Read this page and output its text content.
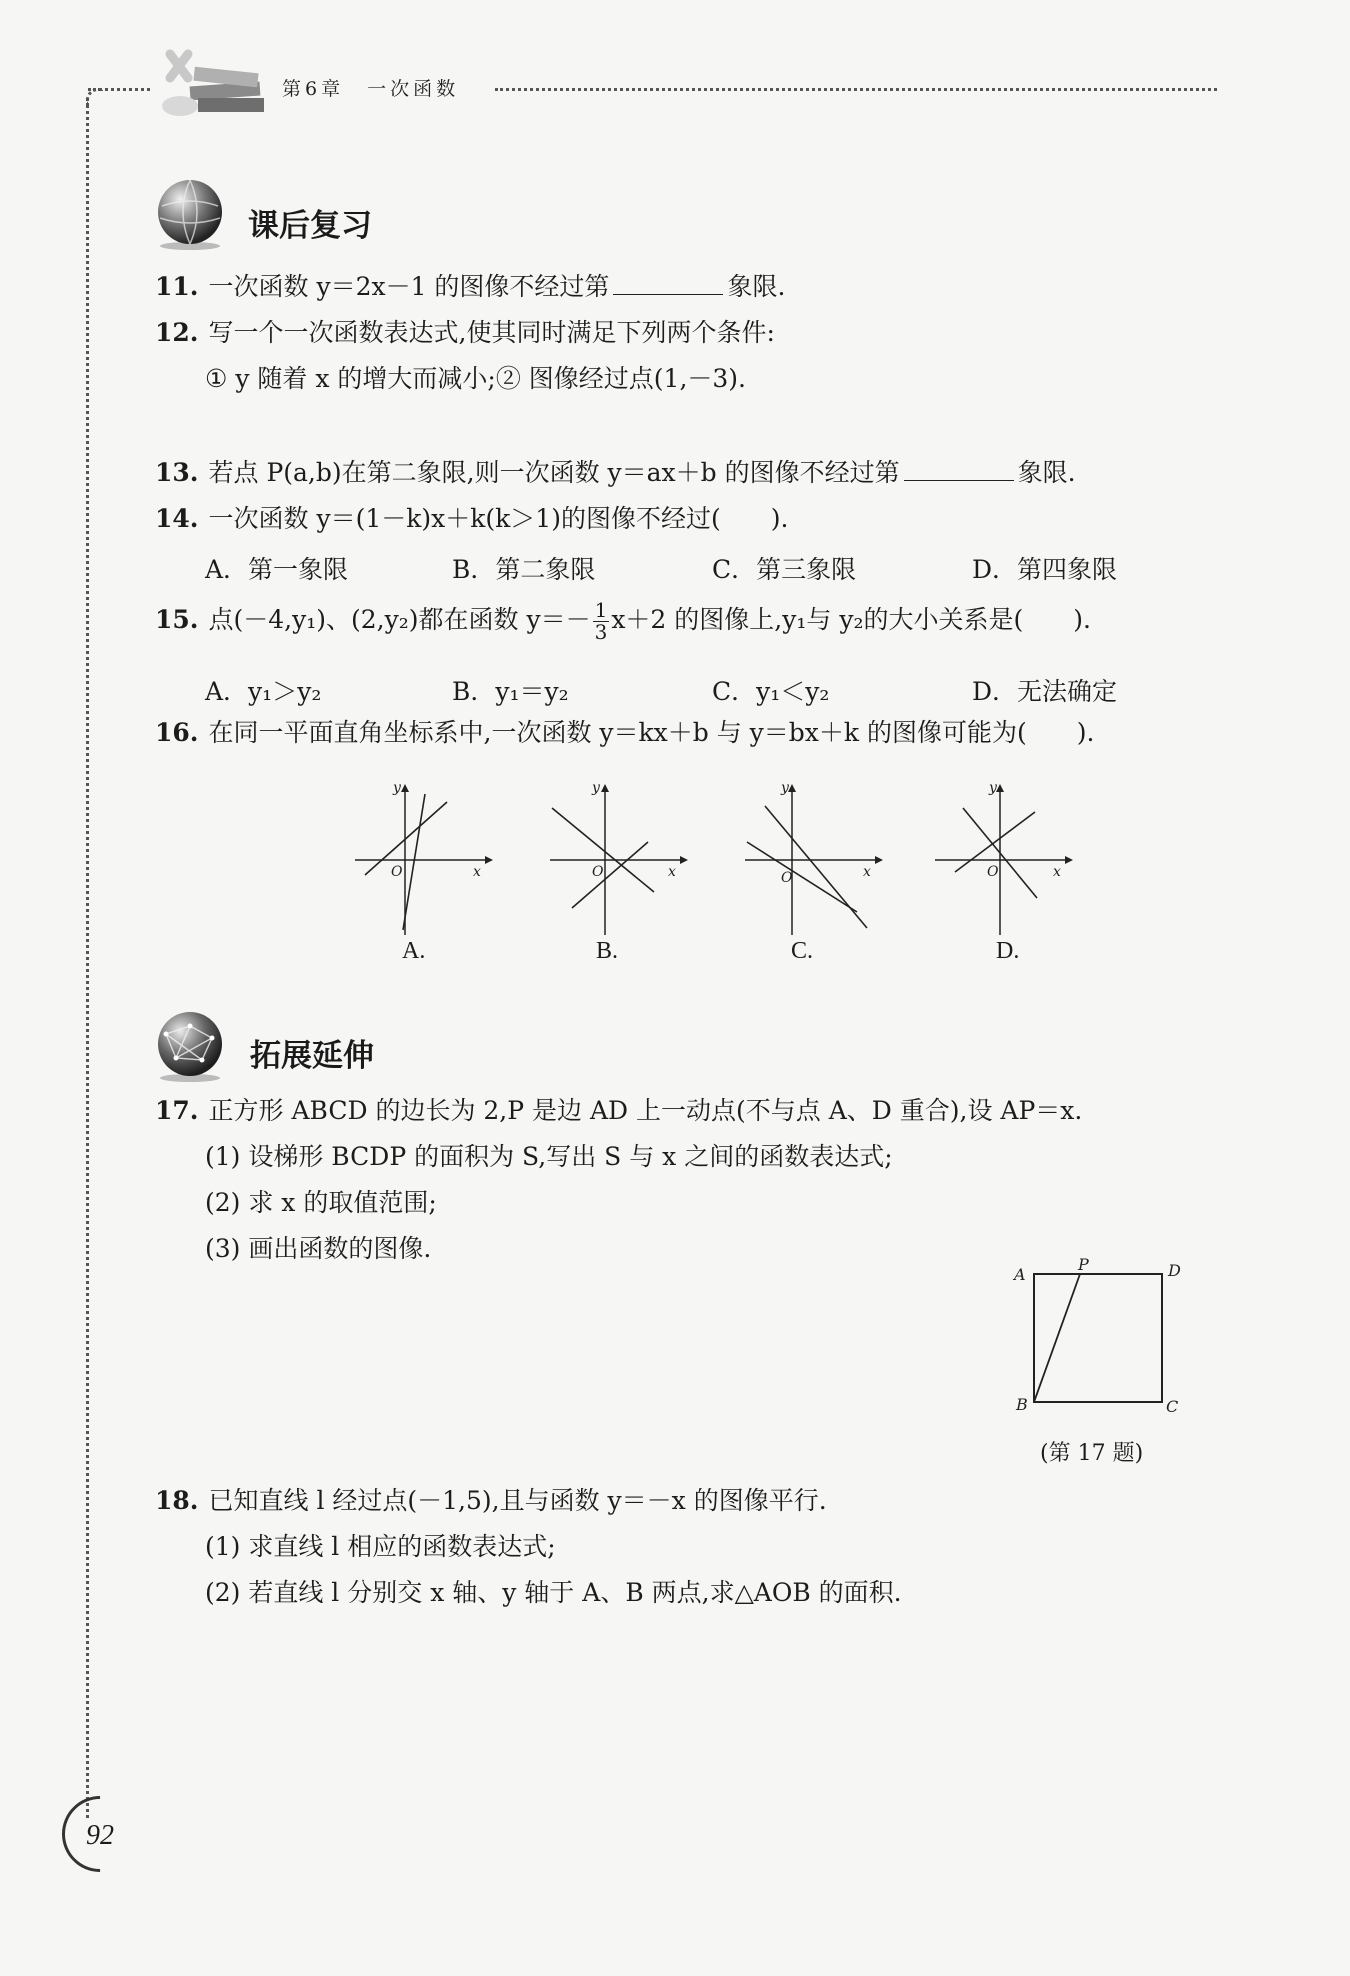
第6章　一次函数
课后复习
11. 一次函数 y＝2x－1 的图像不经过第	象限.
12. 写一个一次函数表达式,使其同时满足下列两个条件:
① y 随着 x 的增大而减小;② 图像经过点(1,－3).
13. 若点 P(a,b)在第二象限,则一次函数 y＝ax＋b 的图像不经过第	象限.
14. 一次函数 y＝(1－k)x＋k(k＞1)的图像不经过(　　).
A．第一象限	B．第二象限	C．第三象限	D．第四象限
15. 点(－4,y₁)、(2,y₂)都在函数 $y=- \frac{1}{3} x+2$ 的图像上,y₁与 y₂的大小关系是(　　).
A．y₁＞y₂	B．y₁＝y₂	C．y₁＜y₂	D．无法确定
16. 在同一平面直角坐标系中,一次函数 y＝kx＋b 与 y＝bx＋k 的图像可能为(　　).
y
x
O
A.
y
x
O
B.
y
x
O
C.
y
x
O
D.
拓展延伸
17. 正方形 ABCD 的边长为 2,P 是边 AD 上一动点(不与点 A、D 重合),设 AP＝x.
(1) 设梯形 BCDP 的面积为 S,写出 S 与 x 之间的函数表达式;
(2) 求 x 的取值范围;
(3) 画出函数的图像.
A
P	D
B	C
(第 17 题)
18. 已知直线 l 经过点(－1,5),且与函数 y＝－x 的图像平行.
(1) 求直线 l 相应的函数表达式;
(2) 若直线 l 分别交 x 轴、y 轴于 A、B 两点,求△AOB 的面积.
92
